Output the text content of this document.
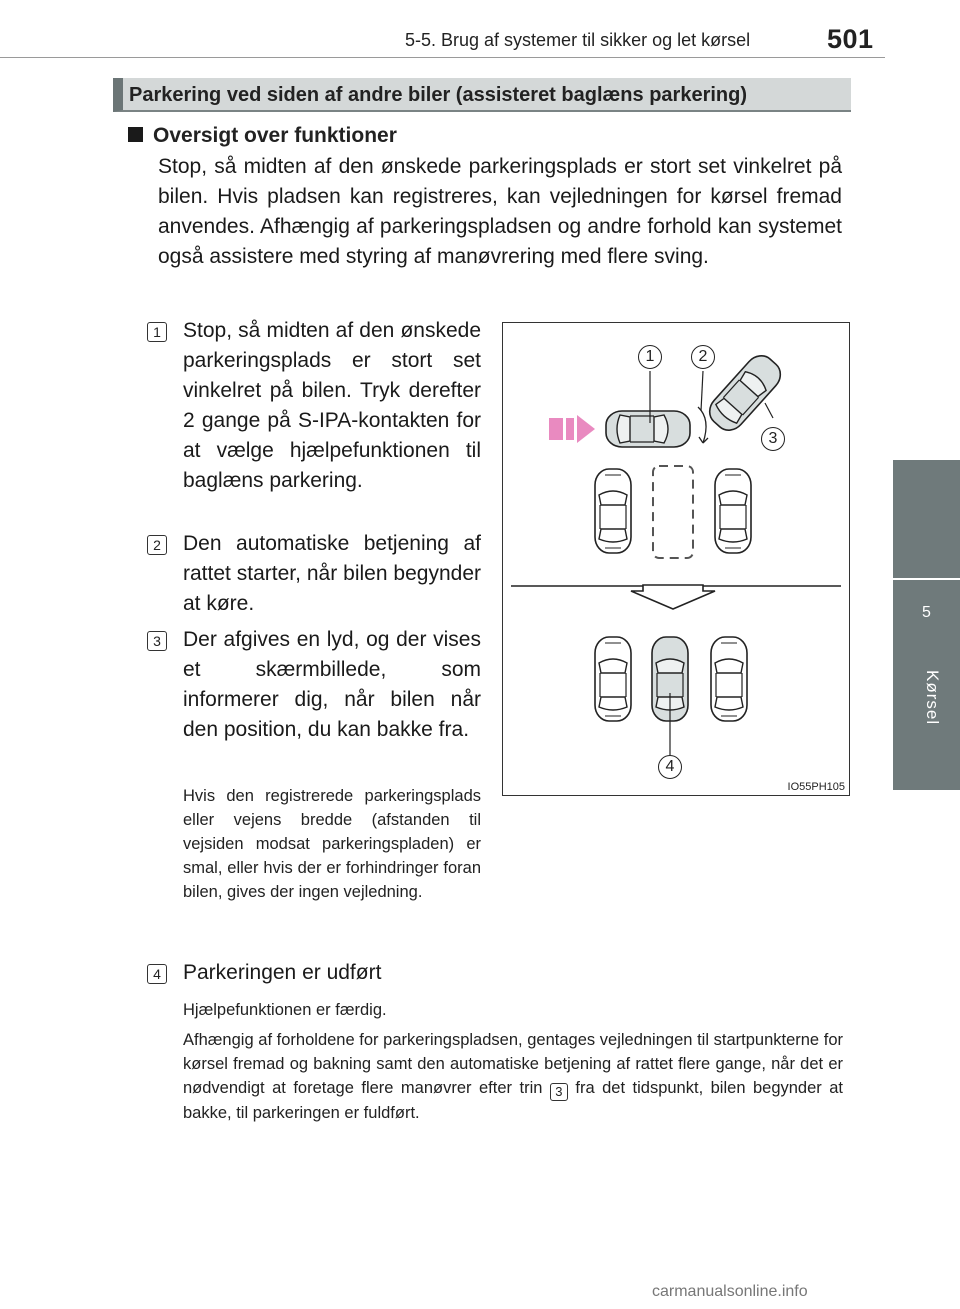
5-5. Brug af systemer til sikker og let kørsel	501
5
Kørsel
Parkering ved siden af andre biler (assisteret baglæns parkering)
Oversigt over funktioner
Stop, så midten af den ønskede parkeringsplads er stort set vinkelret på bilen. Hvis pladsen kan registreres, kan vejledningen for kørsel fremad anvendes. Afhængig af parkeringspladsen og andre forhold kan systemet også assistere med styring af manøvrering med flere sving.
1 Stop, så midten af den ønskede parkeringsplads er stort set vinkelret på bilen. Tryk derefter 2 gange på S-IPA-kontakten for at vælge hjælpefunktionen til baglæns parkering.
2 Den automatiske betjening af rattet starter, når bilen begynder at køre.
3 Der afgives en lyd, og der vises et skærmbillede, som informerer dig, når bilen når den position, du kan bakke fra.
Hvis den registrerede parkeringsplads eller vejens bredde (afstanden til vejsiden modsat parkeringspladen) er smal, eller hvis der er forhindringer foran bilen, gives der ingen vejledning.
4 Parkeringen er udført
Hjælpefunktionen er færdig.
Afhængig af forholdene for parkeringspladsen, gentages vejledningen til startpunkterne for kørsel fremad og bakning samt den automatiske betjening af rattet flere gange, når det er nødvendigt at foretage flere manøvrer efter trin 3 fra det tidspunkt, bilen begynder at bakke, til parkeringen er fuldført.
1	2
3
4
IO55PH105
carmanualsonline.info
